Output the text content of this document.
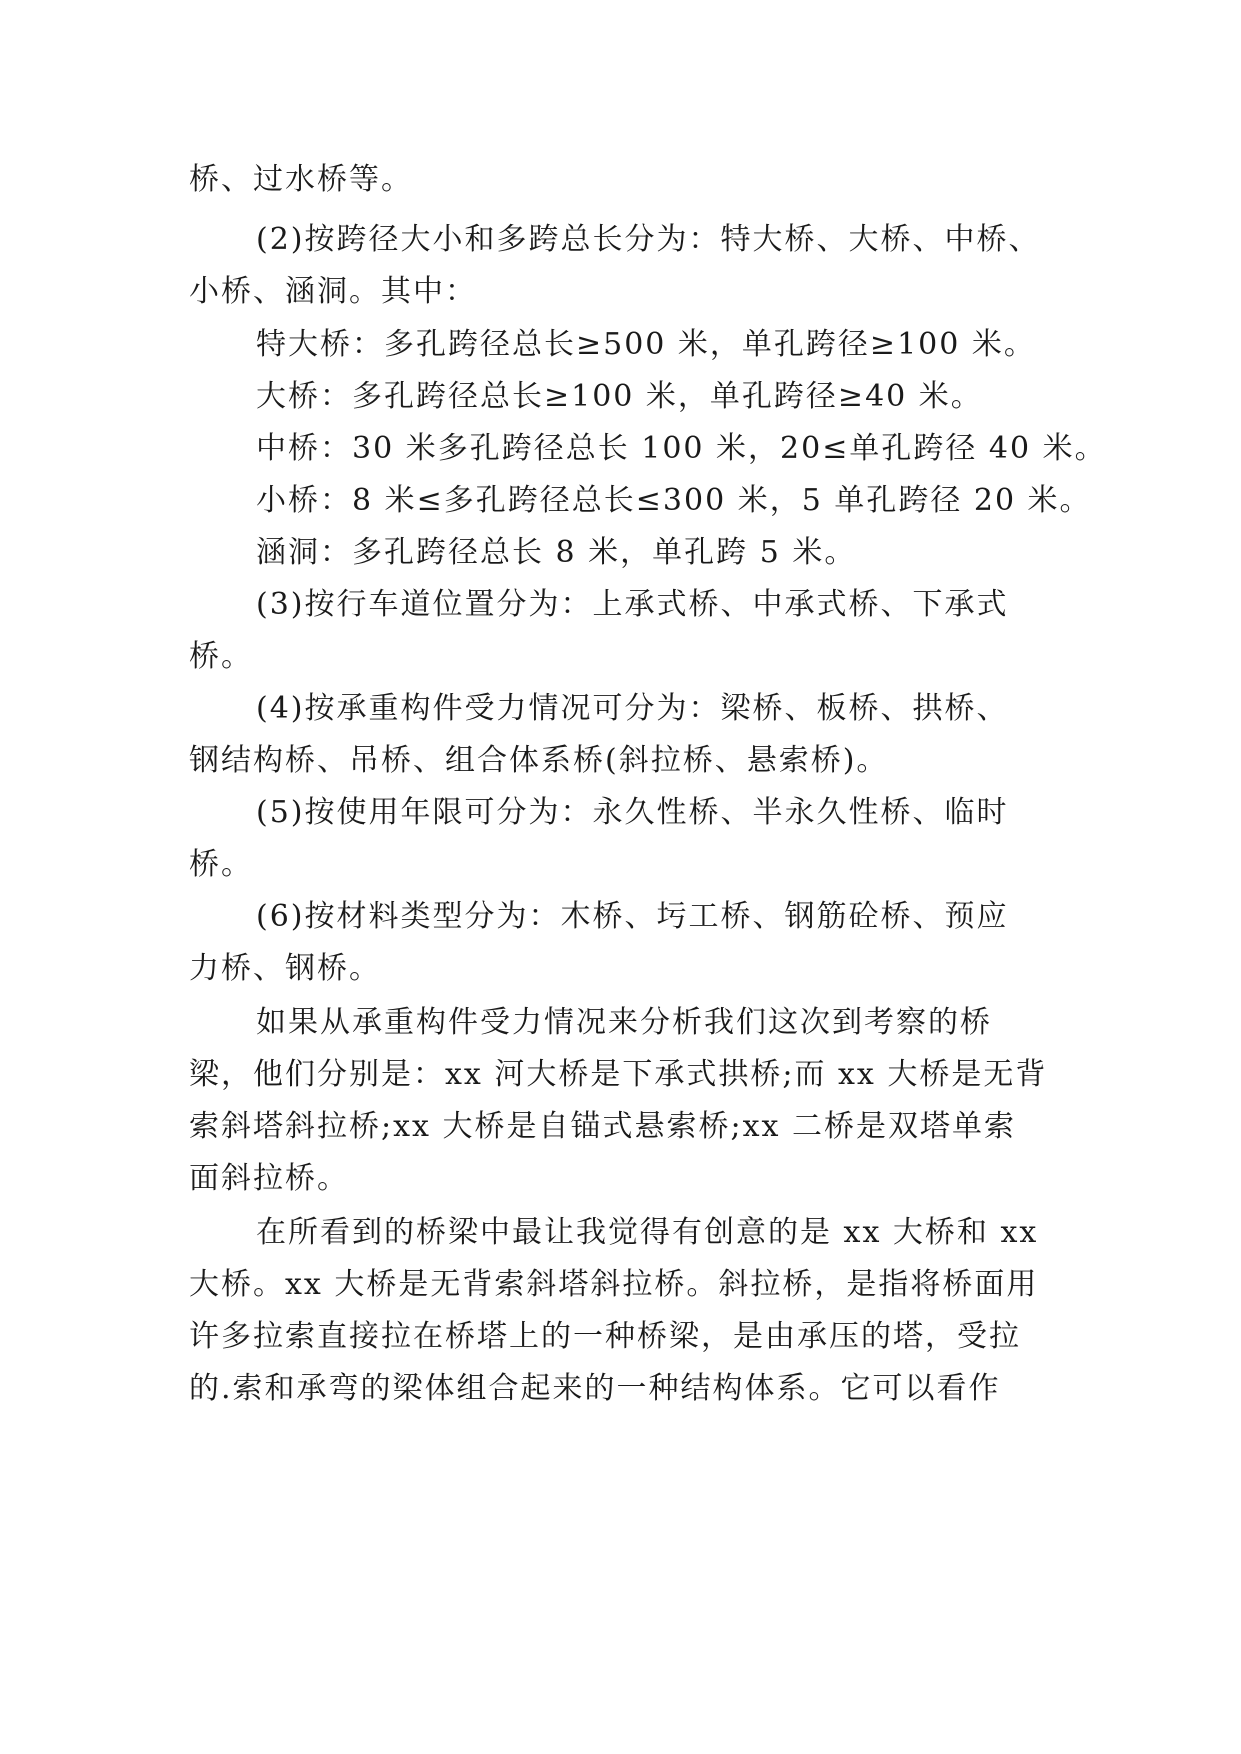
桥、过水桥等。
(2)按跨径大小和多跨总长分为：特大桥、大桥、中桥、
小桥、涵洞。其中：
特大桥：多孔跨径总长≥500 米，单孔跨径≥100 米。
大桥：多孔跨径总长≥100 米，单孔跨径≥40 米。
中桥：30 米多孔跨径总长 100 米，20≤单孔跨径 40 米。
小桥：8 米≤多孔跨径总长≤300 米，5 单孔跨径 20 米。
涵洞：多孔跨径总长 8 米，单孔跨 5 米。
(3)按行车道位置分为：上承式桥、中承式桥、下承式
桥。
(4)按承重构件受力情况可分为：梁桥、板桥、拱桥、
钢结构桥、吊桥、组合体系桥(斜拉桥、悬索桥)。
(5)按使用年限可分为：永久性桥、半永久性桥、临时
桥。
(6)按材料类型分为：木桥、圬工桥、钢筋砼桥、预应
力桥、钢桥。
如果从承重构件受力情况来分析我们这次到考察的桥
梁，他们分别是：xx 河大桥是下承式拱桥;而 xx 大桥是无背
索斜塔斜拉桥;xx 大桥是自锚式悬索桥;xx 二桥是双塔单索
面斜拉桥。
在所看到的桥梁中最让我觉得有创意的是 xx 大桥和 xx
大桥。xx 大桥是无背索斜塔斜拉桥。斜拉桥，是指将桥面用
许多拉索直接拉在桥塔上的一种桥梁，是由承压的塔，受拉
的.索和承弯的梁体组合起来的一种结构体系。它可以看作
